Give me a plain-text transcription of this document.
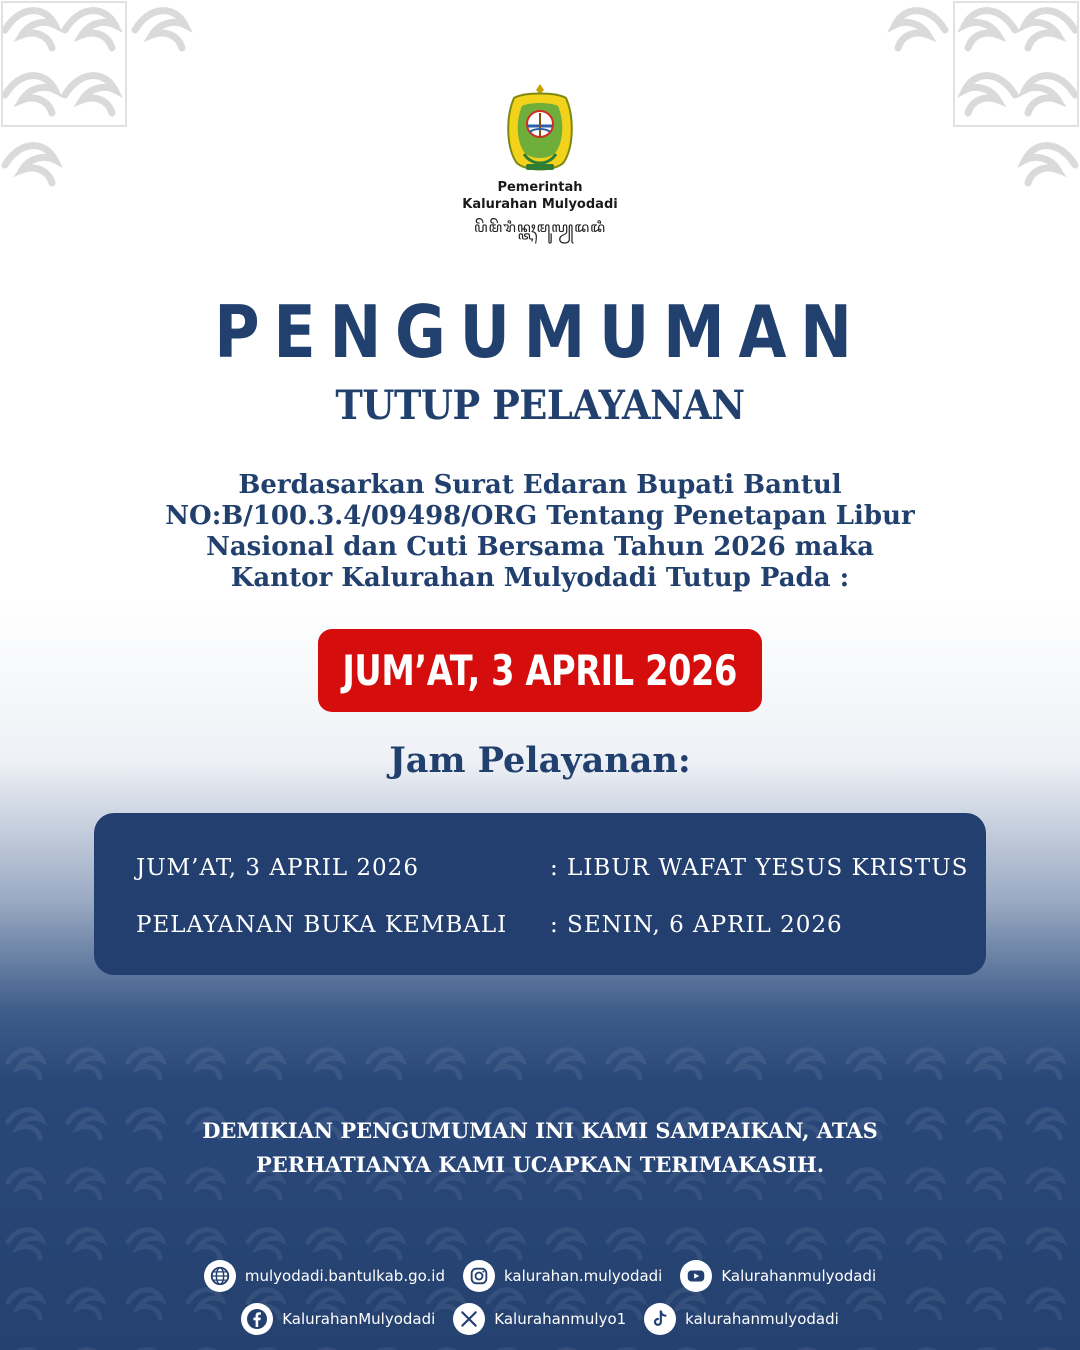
Pemerintah
Kalurahan Mulyodadi
ꦥꦼꦩꦼꦫꦶꦤ꧀ꦠꦃꦩꦸꦭꦾꦢꦢꦶ
PENGUMUMAN
TUTUP PELAYANAN
Berdasarkan Surat Edaran Bupati Bantul
NO:B/100.3.4/09498/ORG Tentang Penetapan Libur
Nasional dan Cuti Bersama Tahun 2026 maka
Kantor Kalurahan Mulyodadi Tutup Pada :
JUM’AT, 3 APRIL 2026
Jam Pelayanan:
JUM’AT, 3 APRIL 2026	: LIBUR WAFAT YESUS KRISTUS
PELAYANAN BUKA KEMBALI : SENIN, 6 APRIL 2026
DEMIKIAN PENGUMUMAN INI KAMI SAMPAIKAN, ATAS
PERHATIANYA KAMI UCAPKAN TERIMAKASIH.
mulyodadi.bantulkab.go.id	kalurahan.mulyodadi	Kalurahanmulyodadi
KalurahanMulyodadi	Kalurahanmulyo1	kalurahanmulyodadi
